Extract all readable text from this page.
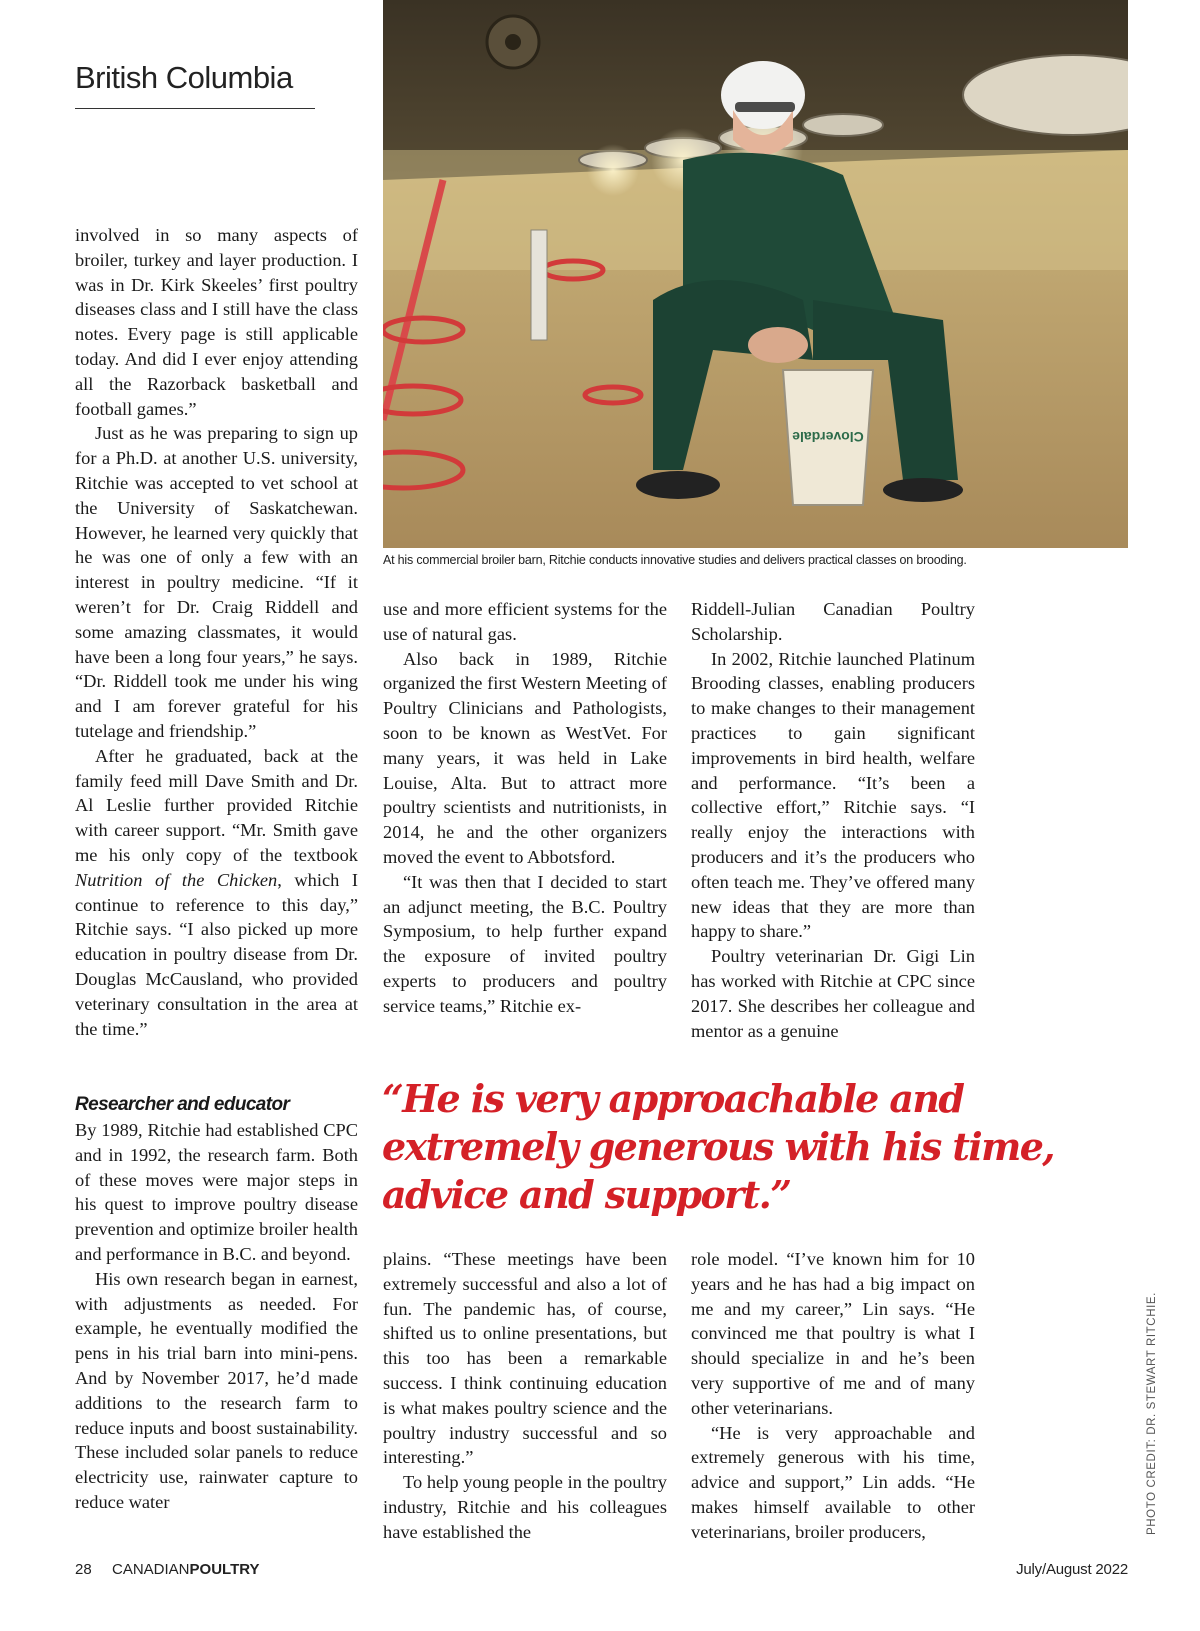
British Columbia
Cloverdale
At his commercial broiler barn, Ritchie conducts innovative studies and delivers practical classes on brooding.

involved in so many aspects of broiler, turkey and layer production. I was in Dr. Kirk Skeeles’ first poultry diseases class and I still have the class notes. Every page is still applicable today. And did I ever enjoy attending all the Razorback basketball and football games.”

Just as he was preparing to sign up for a Ph.D. at another U.S. university, Ritchie was accepted to vet school at the University of Saskatchewan. However, he learned very quickly that he was one of only a few with an interest in poultry medicine. “If it weren’t for Dr. Craig Riddell and some amazing classmates, it would have been a long four years,” he says. “Dr. Riddell took me under his wing and I am forever grateful for his tutelage and friendship.”

After he graduated, back at the family feed mill Dave Smith and Dr. Al Leslie further provided Ritchie with career support. “Mr. Smith gave me his only copy of the textbook Nutrition of the Chicken, which I continue to reference to this day,” Ritchie says. “I also picked up more education in poultry disease from Dr. Douglas McCausland, who provided veterinary consultation in the area at the time.”

Researcher and educator

By 1989, Ritchie had established CPC and in 1992, the research farm. Both of these moves were major steps in his quest to improve poultry disease prevention and optimize broiler health and performance in B.C. and beyond.

His own research began in earnest, with adjustments as needed. For example, he eventually modified the pens in his trial barn into mini-pens. And by November 2017, he’d made additions to the research farm to reduce inputs and boost sustainability. These included solar panels to reduce electricity use, rainwater capture to reduce water

use and more efficient systems for the use of natural gas.

Also back in 1989, Ritchie organized the first Western Meeting of Poultry Clinicians and Pathologists, soon to be known as WestVet. For many years, it was held in Lake Louise, Alta. But to attract more poultry scientists and nutritionists, in 2014, he and the other organizers moved the event to Abbotsford.

“It was then that I decided to start an adjunct meeting, the B.C. Poultry Symposium, to help further expand the exposure of invited poultry experts to producers and poultry service teams,” Ritchie ex-

Riddell-Julian Canadian Poultry Scholarship.

In 2002, Ritchie launched Platinum Brooding classes, enabling producers to make changes to their management practices to gain significant improvements in bird health, welfare and performance. “It’s been a collective effort,” Ritchie says. “I really enjoy the interactions with producers and it’s the producers who often teach me. They’ve offered many new ideas that they are more than happy to share.”

Poultry veterinarian Dr. Gigi Lin has worked with Ritchie at CPC since 2017. She describes her colleague and mentor as a genuine

“He is very approachable and extremely generous with his time, advice and support.”

plains. “These meetings have been extremely successful and also a lot of fun. The pandemic has, of course, shifted us to online presentations, but this too has been a remarkable success. I think continuing education is what makes poultry science and the poultry industry successful and so interesting.”

To help young people in the poultry industry, Ritchie and his colleagues have established the

role model. “I’ve known him for 10 years and he has had a big impact on me and my career,” Lin says. “He convinced me that poultry is what I should specialize in and he’s been very supportive of me and of many other veterinarians.

“He is very approachable and extremely generous with his time, advice and support,” Lin adds. “He makes himself available to other veterinarians, broiler producers,	PHOTO CREDIT: DR. STEWART RITCHIE.
28 CANADIANPOULTRY	July/August 2022
